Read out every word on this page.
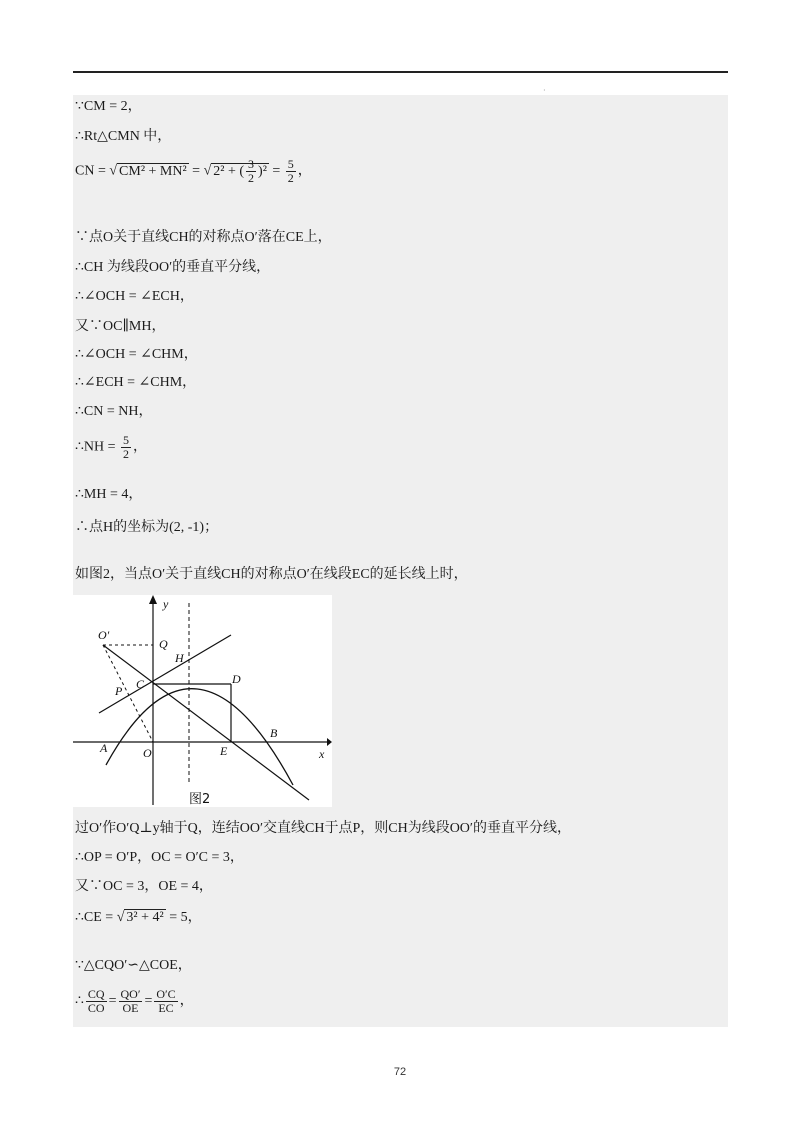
·
∵CM = 2，
∴Rt△CMN 中，
CN = √ CM² + MN² = √ 2² + ( $\frac{3}{2} )^2 = \frac{5}{2}$ ，
∵点O关于直线CH的对称点O′落在CE上，
∴CH 为线段OO′的垂直平分线，
∴∠OCH = ∠ECH，
又∵OC∥MH，
∴∠OCH = ∠CHM，
∴∠ECH = ∠CHM，
∴CN = NH，
∴NH = $\frac{5}{2}$ ，
∴MH = 4，
∴点H的坐标为(2, -1)；
如图2，当点O′关于直线CH的对称点O′在线段EC的延长线上时，
y
x
O′
Q
H
P C	D
B
A	O	E
图2
过O′作O′Q⊥y轴于Q，连结OO′交直线CH于点P，则CH为线段OO′的垂直平分线，
∴OP = O′P，OC = O′C = 3，
又∵OC = 3，OE = 4，
∴CE = √ 3² + 4² = 5，
∵△CQO′∽△COE，
∴ $\frac{CQ}{CO} = \frac{QO'}{OE} = \frac{O'C}{EC}$ ，
72
